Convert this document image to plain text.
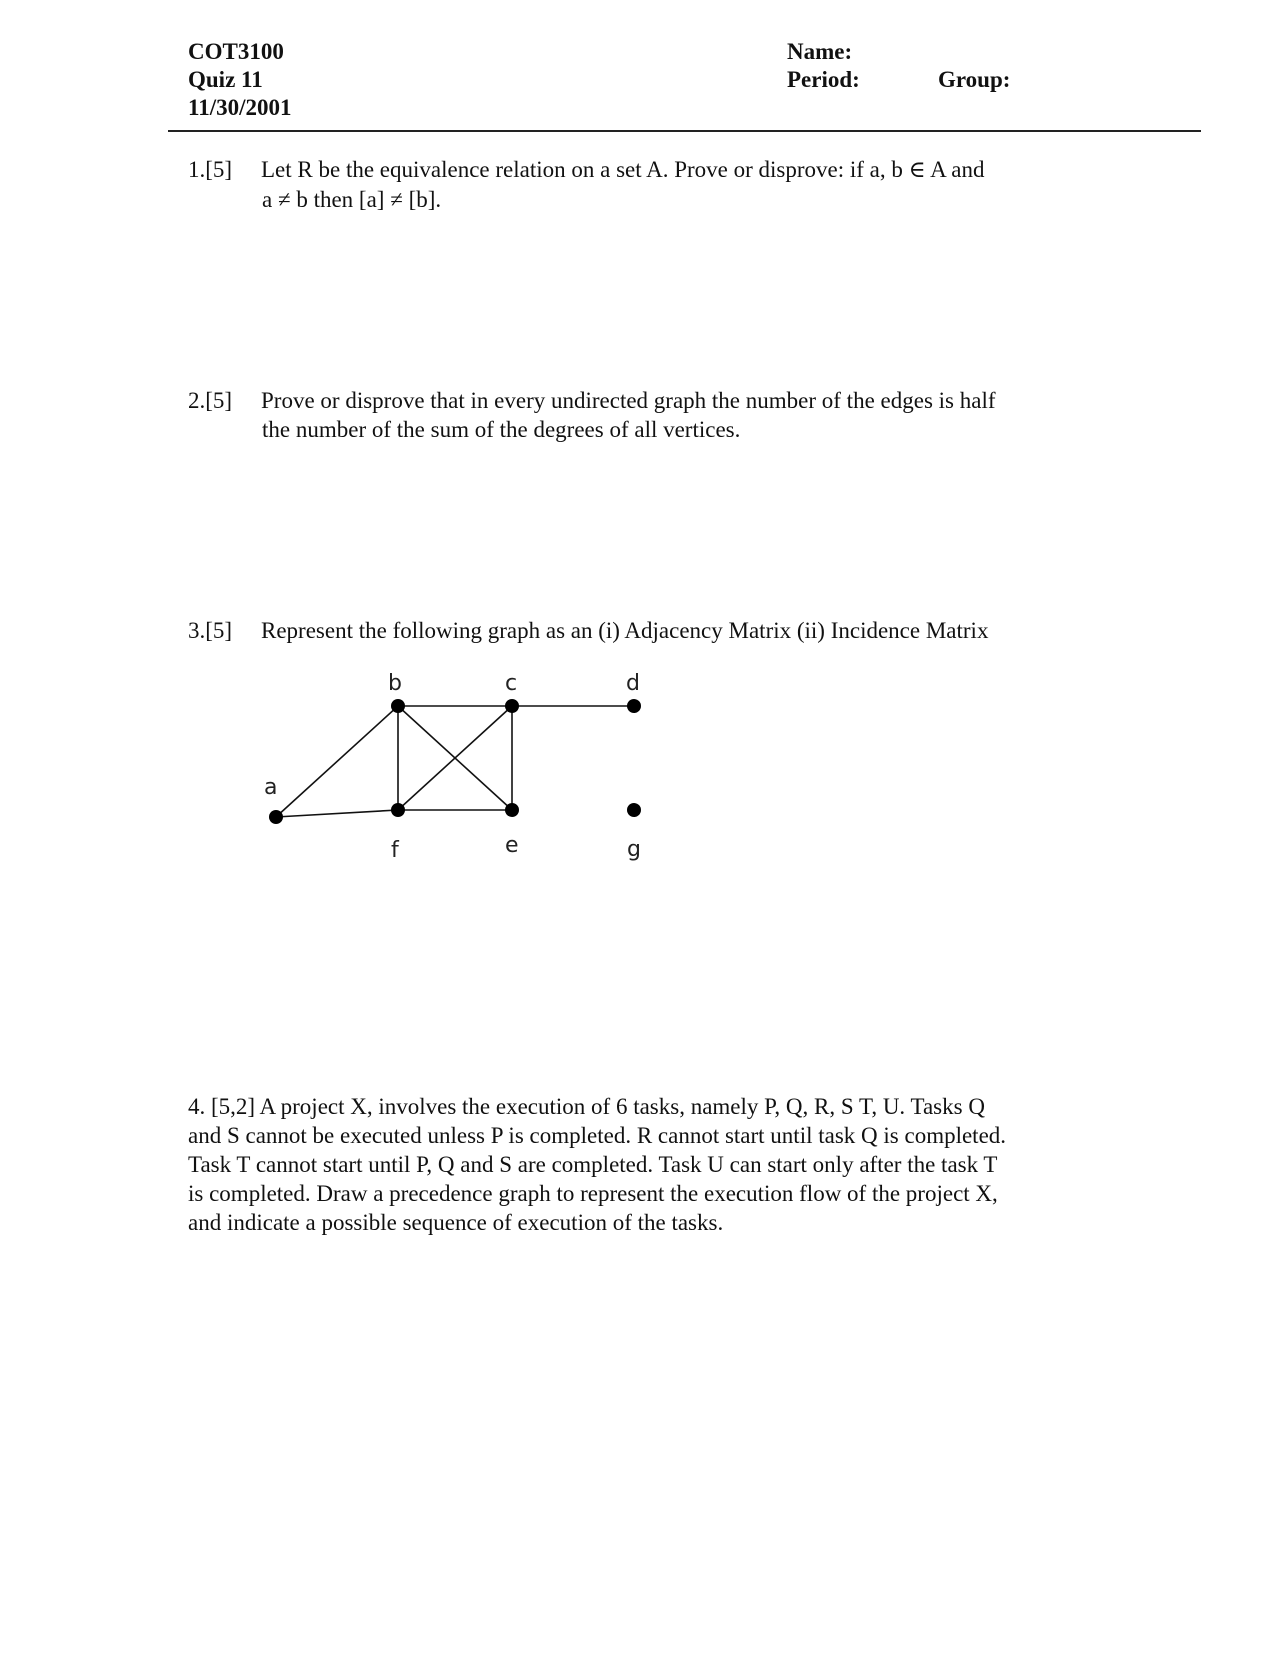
COT3100
Quiz 11
11/30/2001
Name:
Period:	Group:
1.[5] Let R be the equivalence relation on a set A. Prove or disprove: if a, b ∈ A and
a ≠ b then [a] ≠ [b].
2.[5] Prove or disprove that in every undirected graph the number of the edges is half
the number of the sum of the degrees of all vertices.
3.[5] Represent the following graph as an (i) Adjacency Matrix (ii) Incidence Matrix
a
b	c	d
e
f	g
4. [5,2] A project X, involves the execution of 6 tasks, namely P, Q, R, S T, U. Tasks Q
and S cannot be executed unless P is completed. R cannot start until task Q is completed.
Task T cannot start until P, Q and S are completed. Task U can start only after the task T
is completed. Draw a precedence graph to represent the execution flow of the project X,
and indicate a possible sequence of execution of the tasks.
